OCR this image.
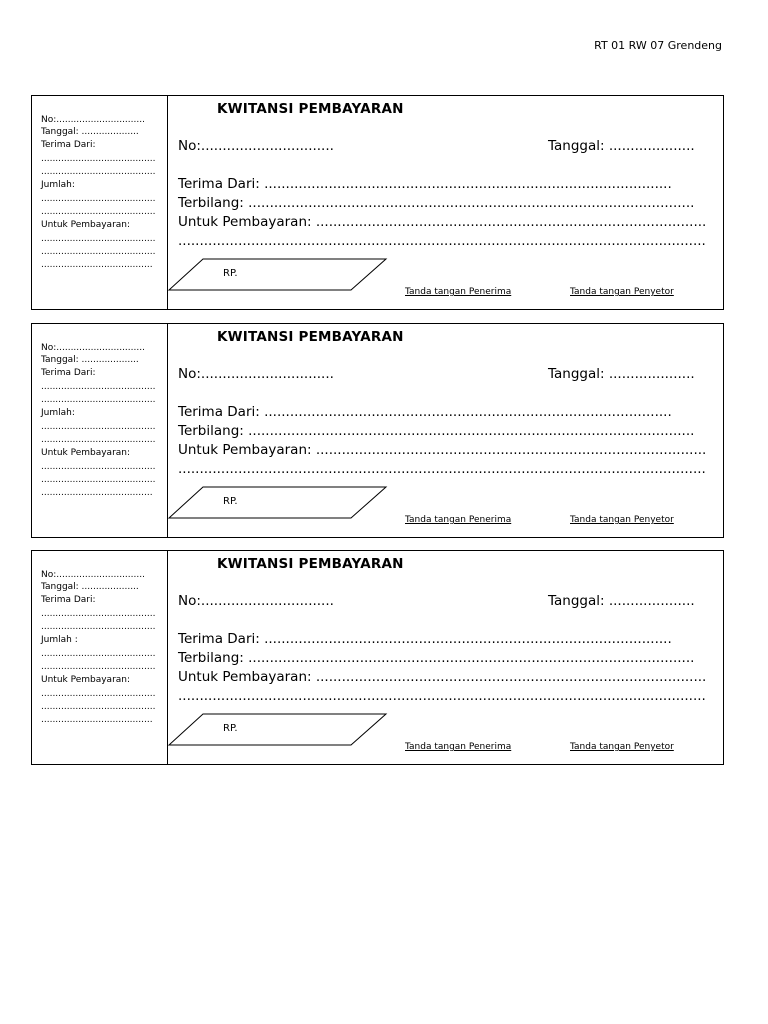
RT 01 RW 07 Grendeng
No:...............................
Tanggal: ....................
Terima Dari:
........................................
........................................
Jumlah:
........................................
........................................
Untuk Pembayaran:
........................................
........................................
.......................................
KWITANSI PEMBAYARAN
No:...............................	Tanggal: ....................
Terima Dari: ...............................................................................................
Terbilang: ........................................................................................................
Untuk Pembayaran: ...........................................................................................
...........................................................................................................................
RP.
Tanda tangan Penerima	Tanda tangan Penyetor
No:...............................
Tanggal: ....................
Terima Dari:
........................................
........................................
Jumlah:
........................................
........................................
Untuk Pembayaran:
........................................
........................................
.......................................
KWITANSI PEMBAYARAN
No:...............................	Tanggal: ....................
Terima Dari: ...............................................................................................
Terbilang: ........................................................................................................
Untuk Pembayaran: ...........................................................................................
...........................................................................................................................
RP.
Tanda tangan Penerima	Tanda tangan Penyetor
No:...............................
Tanggal: ....................
Terima Dari:
........................................
........................................
Jumlah :
........................................
........................................
Untuk Pembayaran:
........................................
........................................
.......................................
KWITANSI PEMBAYARAN
No:...............................	Tanggal: ....................
Terima Dari: ...............................................................................................
Terbilang: ........................................................................................................
Untuk Pembayaran: ...........................................................................................
...........................................................................................................................
RP.
Tanda tangan Penerima	Tanda tangan Penyetor
